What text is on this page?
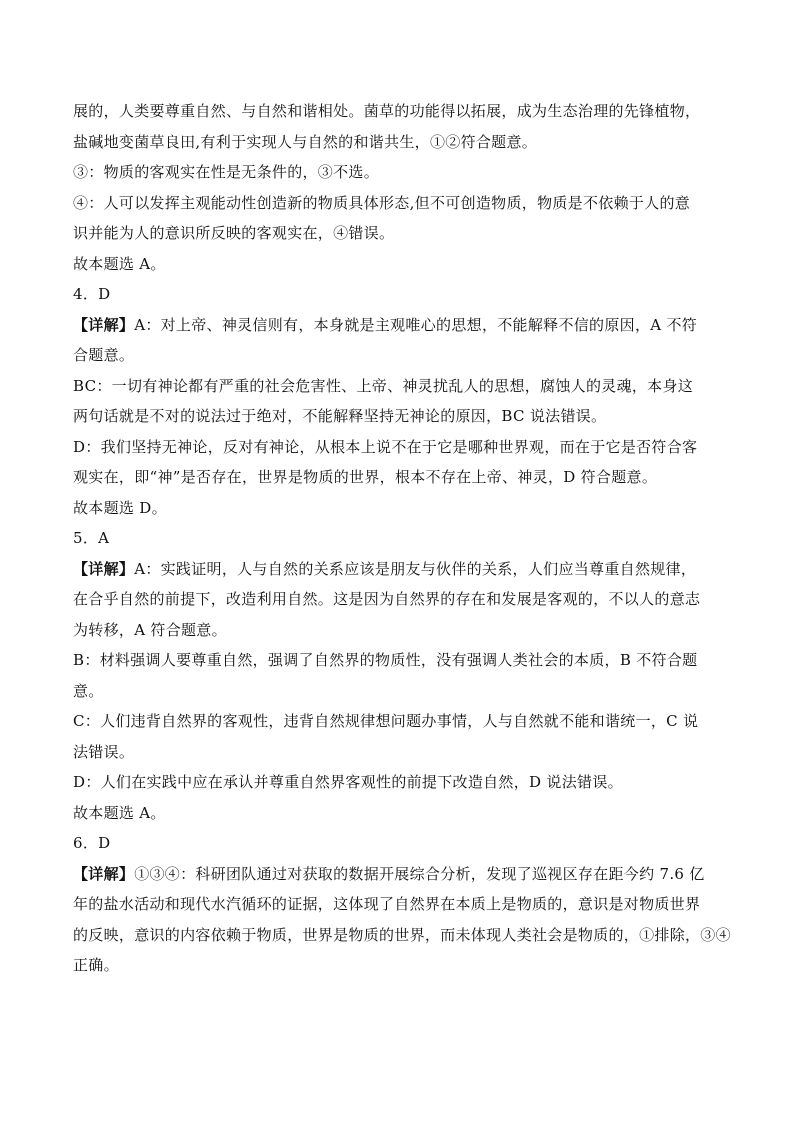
展的，人类要尊重自然、与自然和谐相处。菌草的功能得以拓展，成为生态治理的先锋植物，
盐碱地变菌草良田,有利于实现人与自然的和谐共生，①②符合题意。
③：物质的客观实在性是无条件的，③不选。
④：人可以发挥主观能动性创造新的物质具体形态,但不可创造物质，物质是不依赖于人的意
识并能为人的意识所反映的客观实在，④错误。
故本题选 A。
4．D
【详解】A：对上帝、神灵信则有，本身就是主观唯心的思想，不能解释不信的原因，A 不符
合题意。
BC：一切有神论都有严重的社会危害性、上帝、神灵扰乱人的思想，腐蚀人的灵魂，本身这
两句话就是不对的说法过于绝对，不能解释坚持无神论的原因，BC 说法错误。
D：我们坚持无神论，反对有神论，从根本上说不在于它是哪种世界观，而在于它是否符合客
观实在，即“神”是否存在，世界是物质的世界，根本不存在上帝、神灵，D 符合题意。
故本题选 D。
5．A
【详解】A：实践证明，人与自然的关系应该是朋友与伙伴的关系，人们应当尊重自然规律，
在合乎自然的前提下，改造利用自然。这是因为自然界的存在和发展是客观的，不以人的意志
为转移，A 符合题意。
B：材料强调人要尊重自然，强调了自然界的物质性，没有强调人类社会的本质，B 不符合题
意。
C：人们违背自然界的客观性，违背自然规律想问题办事情，人与自然就不能和谐统一，C 说
法错误。
D：人们在实践中应在承认并尊重自然界客观性的前提下改造自然，D 说法错误。
故本题选 A。
6．D
【详解】①③④：科研团队通过对获取的数据开展综合分析，发现了巡视区存在距今约 7.6 亿
年的盐水活动和现代水汽循环的证据，这体现了自然界在本质上是物质的，意识是对物质世界
的反映，意识的内容依赖于物质，世界是物质的世界，而未体现人类社会是物质的，①排除，③④
正确。
